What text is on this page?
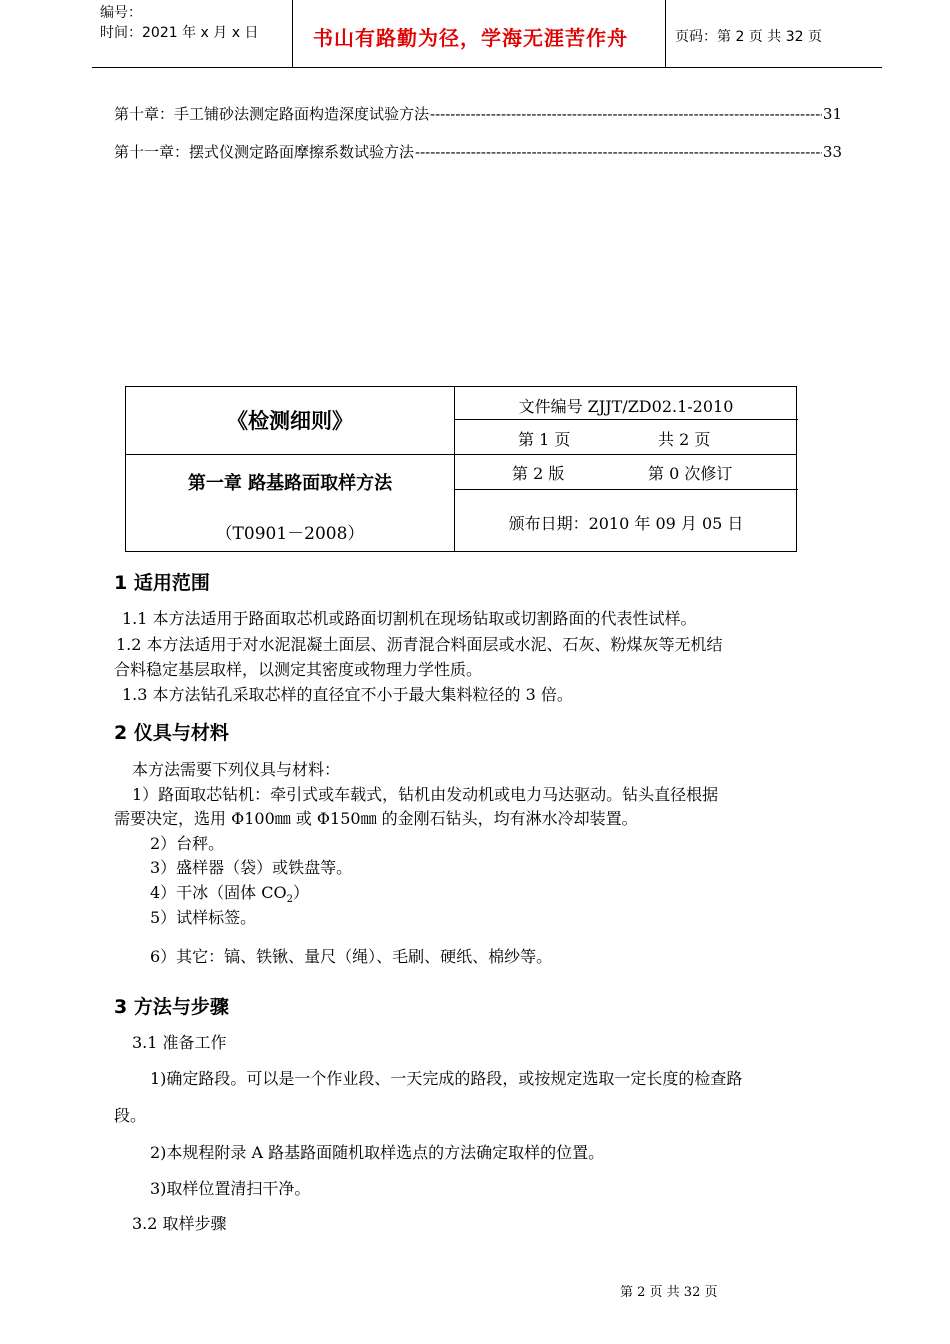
编号：
时间：2021 年 x 月 x 日	书山有路勤为径，学海无涯苦作舟	页码：第 2 页 共 32 页
第十章：手工铺砂法测定路面构造深度试验方法 -----	31
第十一章：摆式仪测定路面摩擦系数试验方法 -----	33
《检测细则》
文件编号 ZJJT/ZD02.1-2010
第 1 页	共 2 页
第一章 路基路面取样方法
（T0901－2008）
第 2 版	第 0 次修订
颁布日期：2010 年 09 月 05 日
1 适用范围
1.1 本方法适用于路面取芯机或路面切割机在现场钻取或切割路面的代表性试样。
1.2 本方法适用于对水泥混凝土面层、沥青混合料面层或水泥、石灰、粉煤灰等无机结
合料稳定基层取样，以测定其密度或物理力学性质。
1.3 本方法钻孔采取芯样的直径宜不小于最大集料粒径的 3 倍。
2 仪具与材料
本方法需要下列仪具与材料：
1）路面取芯钻机：牵引式或车载式，钻机由发动机或电力马达驱动。钻头直径根据
需要决定，选用 Φ100㎜ 或 Φ150㎜ 的金刚石钻头，均有淋水冷却装置。
2）台秤。
3）盛样器（袋）或铁盘等。
4）干冰（固体 $CO_2$）
5）试样标签。
6）其它：镐、铁锹、量尺（绳）、毛刷、硬纸、棉纱等。
3 方法与步骤
3.1 准备工作
1)确定路段。可以是一个作业段、一天完成的路段，或按规定选取一定长度的检查路
段。
2)本规程附录 A 路基路面随机取样选点的方法确定取样的位置。
3)取样位置清扫干净。
3.2 取样步骤
第 2 页 共 32 页
